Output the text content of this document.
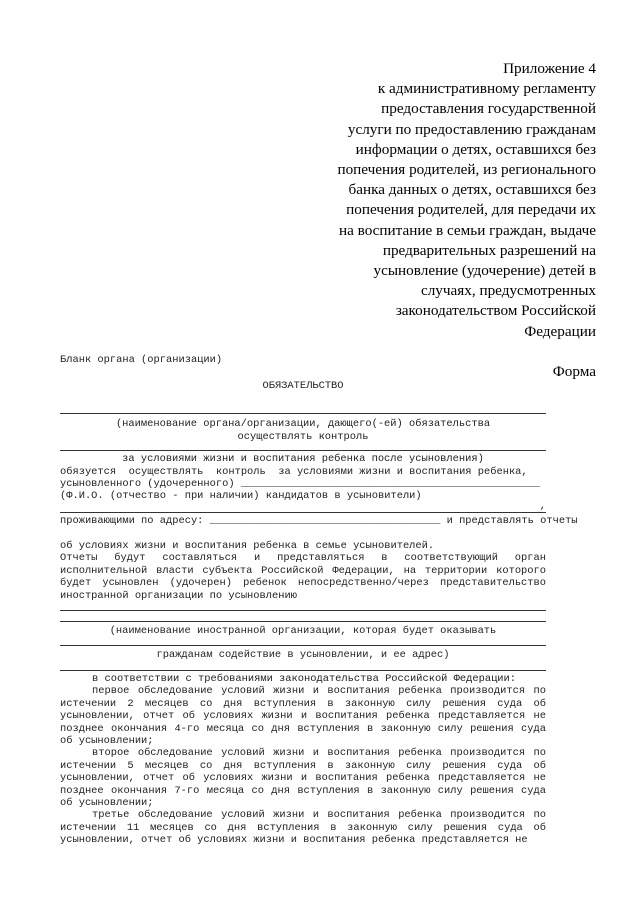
Приложение 4
к административному регламенту
предоставления государственной
услуги по предоставлению гражданам
информации о детях, оставшихся без
попечения родителей, из регионального
банка данных о детях, оставшихся без
попечения родителей, для передачи их
на воспитание в семьи граждан, выдаче
предварительных разрешений на
усыновление (удочерение) детей в
случаях, предусмотренных
законодательством Российской
Федерации
Форма
Бланк органа (организации)
ОБЯЗАТЕЛЬСТВО
(наименование органа/организации, дающего(-ей) обязательства
осуществлять контроль
за условиями жизни и воспитания ребенка после усыновления)
обязуется  осуществлять  контроль  за условиями жизни и воспитания ребенка,
усыновленного (удочеренного) ________________________________________________
(Ф.И.О. (отчество - при наличии) кандидатов в усыновители)
,
проживающими по адресу: _____________________________________ и представлять отчеты
об условиях жизни и воспитания ребенка в семье усыновителей.
Отчеты будут составляться и представляться в соответствующий орган исполнительной власти субъекта Российской Федерации, на территории которого будет усыновлен (удочерен) ребенок непосредственно/через представительство иностранной организации по усыновлению
(наименование иностранной организации, которая будет оказывать
гражданам содействие в усыновлении, и ее адрес)
в соответствии с требованиями законодательства Российской Федерации:
первое обследование условий жизни и воспитания ребенка производится по истечении 2 месяцев со дня вступления в законную силу решения суда об усыновлении, отчет об условиях жизни и воспитания ребенка представляется не позднее окончания 4-го месяца со дня вступления в законную силу решения суда об усыновлении;
второе обследование условий жизни и воспитания ребенка производится по истечении 5 месяцев со дня вступления в законную силу решения суда об усыновлении, отчет об условиях жизни и воспитания ребенка представляется не позднее окончания 7-го месяца со дня вступления в законную силу решения суда об усыновлении;
третье обследование условий жизни и воспитания ребенка производится по истечении 11 месяцев со дня вступления в законную силу решения суда об усыновлении, отчет об условиях жизни и воспитания ребенка представляется не
